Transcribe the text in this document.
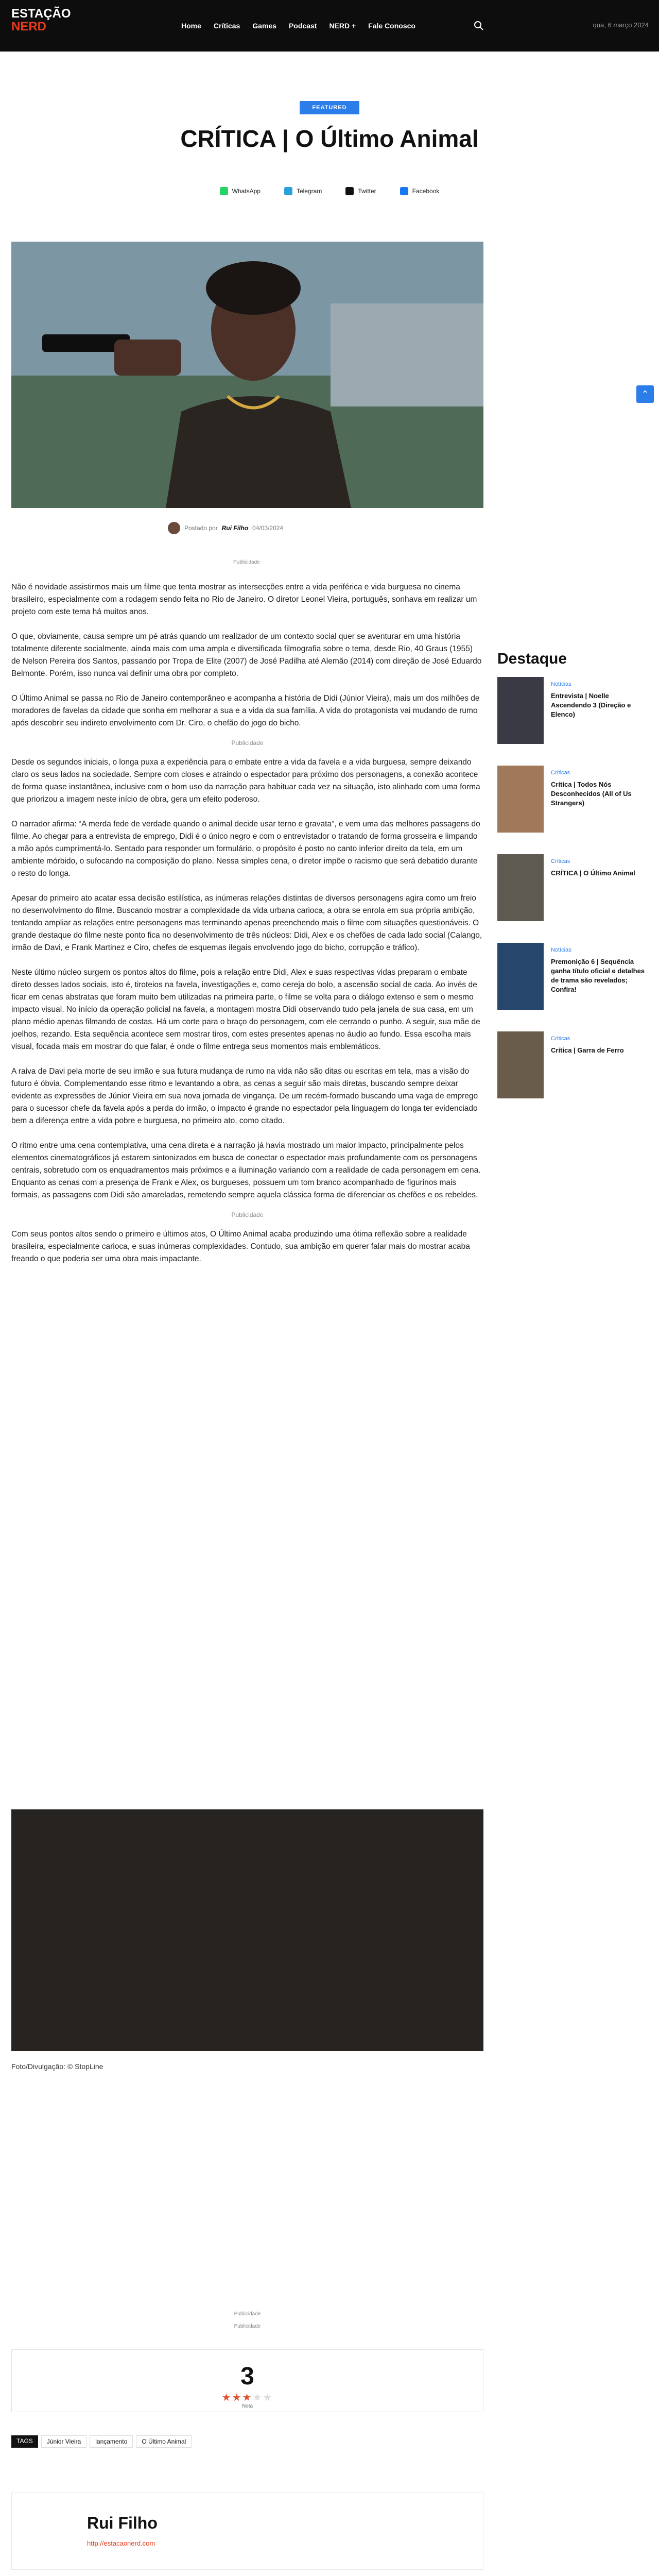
ESTAÇÃO
NERD	Home	Críticas	Games	Podcast	NERD +	Fale Conosco	qua, 6 março 2024
FEATURED
CRÍTICA | O Último Animal
WhatsApp	Telegram	Twitter	Facebook
Postado por Rui Filho 04/03/2024
Publicidade

Não é novidade assistirmos mais um filme que tenta mostrar as intersecções entre a vida periférica e vida burguesa no cinema brasileiro, especialmente com a rodagem sendo feita no Rio de Janeiro. O diretor Leonel Vieira, português, sonhava em realizar um projeto com este tema há muitos anos.

O que, obviamente, causa sempre um pé atrás quando um realizador de um contexto social quer se aventurar em uma história totalmente diferente socialmente, ainda mais com uma ampla e diversificada filmografia sobre o tema, desde Rio, 40 Graus (1955) de Nelson Pereira dos Santos, passando por Tropa de Elite (2007) de José Padilha até Alemão (2014) com direção de José Eduardo Belmonte. Porém, isso nunca vai definir uma obra por completo.

O Último Animal se passa no Rio de Janeiro contemporâneo e acompanha a história de Didi (Júnior Vieira), mais um dos milhões de moradores de favelas da cidade que sonha em melhorar a sua e a vida da sua família. A vida do protagonista vai mudando de rumo após descobrir seu indireto envolvimento com Dr. Ciro, o chefão do jogo do bicho.

Publicidade

Desde os segundos iniciais, o longa puxa a experiência para o embate entre a vida da favela e a vida burguesa, sempre deixando claro os seus lados na sociedade. Sempre com closes e atraindo o espectador para próximo dos personagens, a conexão acontece de forma quase instantânea, inclusive com o bom uso da narração para habituar cada vez na situação, isto alinhado com uma forma que priorizou a imagem neste início de obra, gera um efeito poderoso.

O narrador afirma: “A merda fede de verdade quando o animal decide usar terno e gravata”, e vem uma das melhores passagens do filme. Ao chegar para a entrevista de emprego, Didi é o único negro e com o entrevistador o tratando de forma grosseira e limpando a mão após cumprimentá-lo. Sentado para responder um formulário, o propósito é posto no canto inferior direito da tela, em um ambiente mórbido, o sufocando na composição do plano. Nessa simples cena, o diretor impõe o racismo que será debatido durante o resto do longa.

Apesar do primeiro ato acatar essa decisão estilística, as inúmeras relações distintas de diversos personagens agira como um freio no desenvolvimento do filme. Buscando mostrar a complexidade da vida urbana carioca, a obra se enrola em sua própria ambição, tentando ampliar as relações entre personagens mas terminando apenas preenchendo mais o filme com situações questionáveis. O grande destaque do filme neste ponto fica no desenvolvimento de três núcleos: Didi, Alex e os chefões de cada lado social (Calango, irmão de Davi, e Frank Martinez e Ciro, chefes de esquemas ilegais envolvendo jogo do bicho, corrupção e tráfico).

Neste último núcleo surgem os pontos altos do filme, pois a relação entre Didi, Alex e suas respectivas vidas preparam o embate direto desses lados sociais, isto é, tiroteios na favela, investigações e, como cereja do bolo, a ascensão social de cada. Ao invés de ficar em cenas abstratas que foram muito bem utilizadas na primeira parte, o filme se volta para o diálogo extenso e sem o mesmo impacto visual. No início da operação policial na favela, a montagem mostra Didi observando tudo pela janela de sua casa, em um plano médio apenas filmando de costas. Há um corte para o braço do personagem, com ele cerrando o punho. A seguir, sua mãe de joelhos, rezando. Esta sequência acontece sem mostrar tiros, com estes presentes apenas no áudio ao fundo. Essa escolha mais visual, focada mais em mostrar do que falar, é onde o filme entrega seus momentos mais emblemáticos.

A raiva de Davi pela morte de seu irmão e sua futura mudança de rumo na vida não são ditas ou escritas em tela, mas a visão do futuro é óbvia. Complementando esse ritmo e levantando a obra, as cenas a seguir são mais diretas, buscando sempre deixar evidente as expressões de Júnior Vieira em sua nova jornada de vingança. De um recém-formado buscando uma vaga de emprego para o sucessor chefe da favela após a perda do irmão, o impacto é grande no espectador pela linguagem do longa ter evidenciado bem a diferença entre a vida pobre e burguesa, no primeiro ato, como citado.

O ritmo entre uma cena contemplativa, uma cena direta e a narração já havia mostrado um maior impacto, principalmente pelos elementos cinematográficos já estarem sintonizados em busca de conectar o espectador mais profundamente com os personagens centrais, sobretudo com os enquadramentos mais próximos e a iluminação variando com a realidade de cada personagem em cena. Enquanto as cenas com a presença de Frank e Alex, os burgueses, possuem um tom branco acompanhado de figurinos mais formais, as passagens com Didi são amareladas, remetendo sempre aquela clássica forma de diferenciar os chefões e os rebeldes.

Publicidade

Com seus pontos altos sendo o primeiro e últimos atos, O Último Animal acaba produzindo uma ótima reflexão sobre a realidade brasileira, especialmente carioca, e suas inúmeras complexidades. Contudo, sua ambição em querer falar mais do mostrar acaba freando o que poderia ser uma obra mais impactante.

Foto/Divulgação: © StopLine
Publicidade
Publicidade
3
★★★★★
Nota
TAGS	Júnior Vieira	lançamento	O Último Animal
Rui Filho
http://estacaonerd.com
Destaque
Notícias
Entrevista | Noelle Ascendendo 3 (Direção e Elenco)
Críticas
Crítica | Todos Nós Desconhecidos (All of Us Strangers)
Críticas
CRÍTICA | O Último Animal
Notícias
Premonição 6 | Sequência ganha título oficial e detalhes de trama são revelados; Confira!
Críticas
Crítica | Garra de Ferro
⌃
